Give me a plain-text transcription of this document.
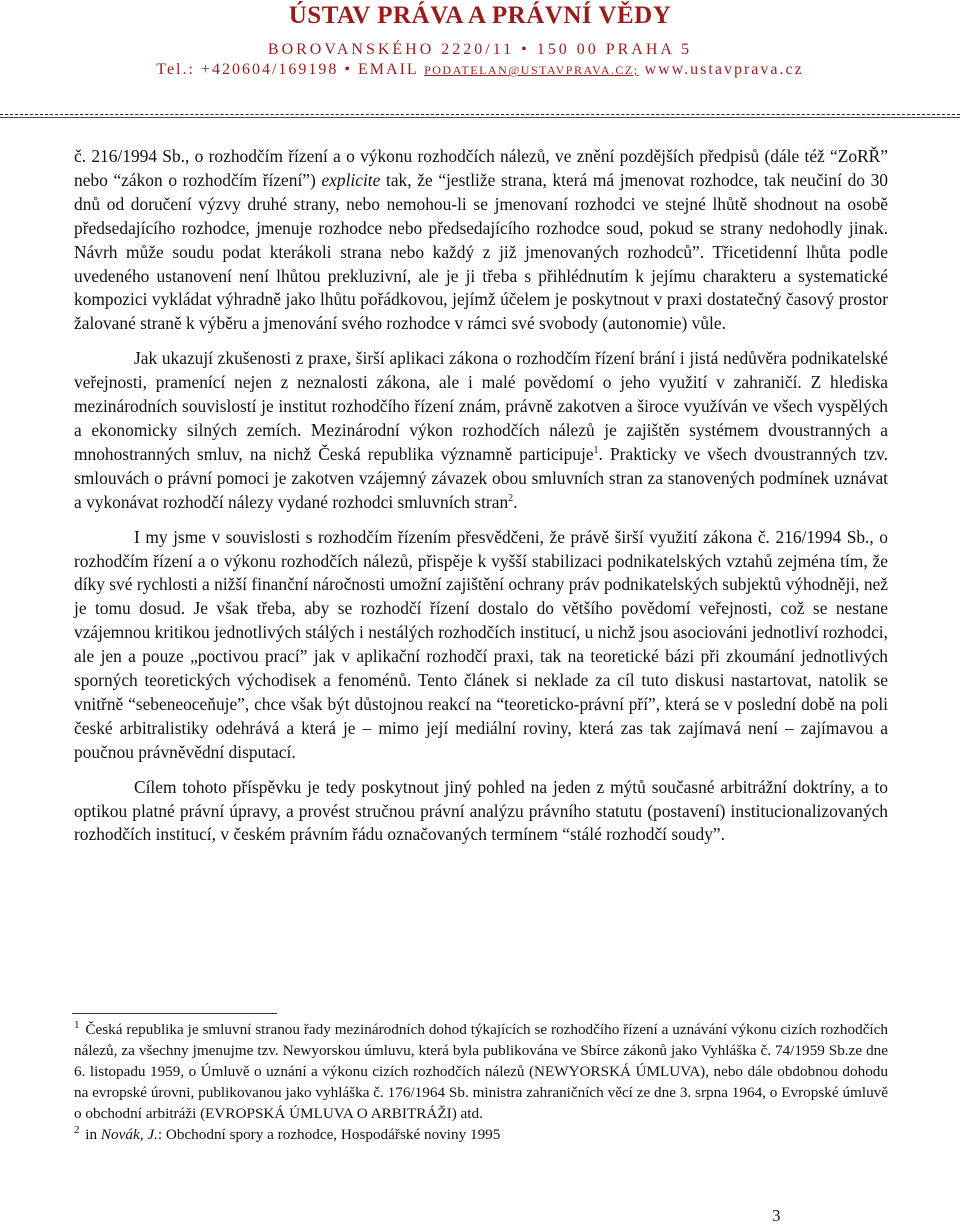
ÚSTAV PRÁVA A PRÁVNÍ VĚDY
BOROVANSKÉHO 2220/11 • 150 00 PRAHA 5
Tel.: +420604/169198 • EMAIL PODATELAN@USTAVPRAVA.CZ; www.ustavprava.cz

č. 216/1994 Sb., o rozhodčím řízení a o výkonu rozhodčích nálezů, ve znění pozdějších předpisů (dále též “ZoRŘ” nebo “zákon o rozhodčím řízení”) explicite tak, že “jestliže strana, která má jmenovat rozhodce, tak neučiní do 30 dnů od doručení výzvy druhé strany, nebo nemohou-li se jmenovaní rozhodci ve stejné lhůtě shodnout na osobě předsedajícího rozhodce, jmenuje rozhodce nebo předsedajícího rozhodce soud, pokud se strany nedohodly jinak. Návrh může soudu podat kterákoli strana nebo každý z již jmenovaných rozhodců”. Třicetidenní lhůta podle uvedeného ustanovení není lhůtou prekluzivní, ale je ji třeba s přihlédnutím k jejímu charakteru a systematické kompozici vykládat výhradně jako lhůtu pořádkovou, jejímž účelem je poskytnout v praxi dostatečný časový prostor žalované straně k výběru a jmenování svého rozhodce v rámci své svobody (autonomie) vůle.

Jak ukazují zkušenosti z praxe, širší aplikaci zákona o rozhodčím řízení brání i jistá nedůvěra podnikatelské veřejnosti, pramenící nejen z neznalosti zákona, ale i malé povědomí o jeho využití v zahraničí. Z hlediska mezinárodních souvislostí je institut rozhodčího řízení znám, právně zakotven a široce využíván ve všech vyspělých a ekonomicky silných zemích. Mezinárodní výkon rozhodčích nálezů je zajištěn systémem dvoustranných a mnohostranných smluv, na nichž Česká republika významně participuje$^1$. Prakticky ve všech dvoustranných tzv. smlouvách o právní pomoci je zakotven vzájemný závazek obou smluvních stran za stanovených podmínek uznávat a vykonávat rozhodčí nálezy vydané rozhodci smluvních stran$^2$.

I my jsme v souvislosti s rozhodčím řízením přesvědčeni, že právě širší využití zákona č. 216/1994 Sb., o rozhodčím řízení a o výkonu rozhodčích nálezů, přispěje k vyšší stabilizaci podnikatelských vztahů zejména tím, že díky své rychlosti a nižší finanční náročnosti umožní zajištění ochrany práv podnikatelských subjektů výhodněji, než je tomu dosud. Je však třeba, aby se rozhodčí řízení dostalo do většího povědomí veřejnosti, což se nestane vzájemnou kritikou jednotlivých stálých i nestálých rozhodčích institucí, u nichž jsou asociováni jednotliví rozhodci, ale jen a pouze „poctivou prací” jak v aplikační rozhodčí praxi, tak na teoretické bázi při zkoumání jednotlivých sporných teoretických východisek a fenoménů. Tento článek si neklade za cíl tuto diskusi nastartovat, natolik se vnitřně “sebeneoceňuje”, chce však být důstojnou reakcí na “teoreticko-právní pří”, která se v poslední době na poli české arbitralistiky odehrává a která je – mimo její mediální roviny, která zas tak zajímavá není – zajímavou a poučnou právněvědní disputací.

Cílem tohoto příspěvku je tedy poskytnout jiný pohled na jeden z mýtů současné arbitrážní doktríny, a to optikou platné právní úpravy, a provést stručnou právní analýzu právního statutu (postavení) institucionalizovaných rozhodčích institucí, v českém právním řádu označovaných termínem “stálé rozhodčí soudy”.

$^1$ Česká republika je smluvní stranou řady mezinárodních dohod týkajících se rozhodčího řízení a uznávání výkonu cizích rozhodčích nálezů, za všechny jmenujme tzv. Newyorskou úmluvu, která byla publikována ve Sbírce zákonů jako Vyhláška č. 74/1959 Sb.ze dne 6. listopadu 1959, o Úmluvě o uznání a výkonu cizích rozhodčích nálezů (NEWYORSKÁ ÚMLUVA), nebo dále obdobnou dohodu na evropské úrovni, publikovanou jako vyhláška č. 176/1964 Sb. ministra zahraničních věcí ze dne 3. srpna 1964, o Evropské úmluvě o obchodní arbitráži (EVROPSKÁ ÚMLUVA O ARBITRÁŽI) atd.

$^2$ in Novák, J.: Obchodní spory a rozhodce, Hospodářské noviny 1995

3
